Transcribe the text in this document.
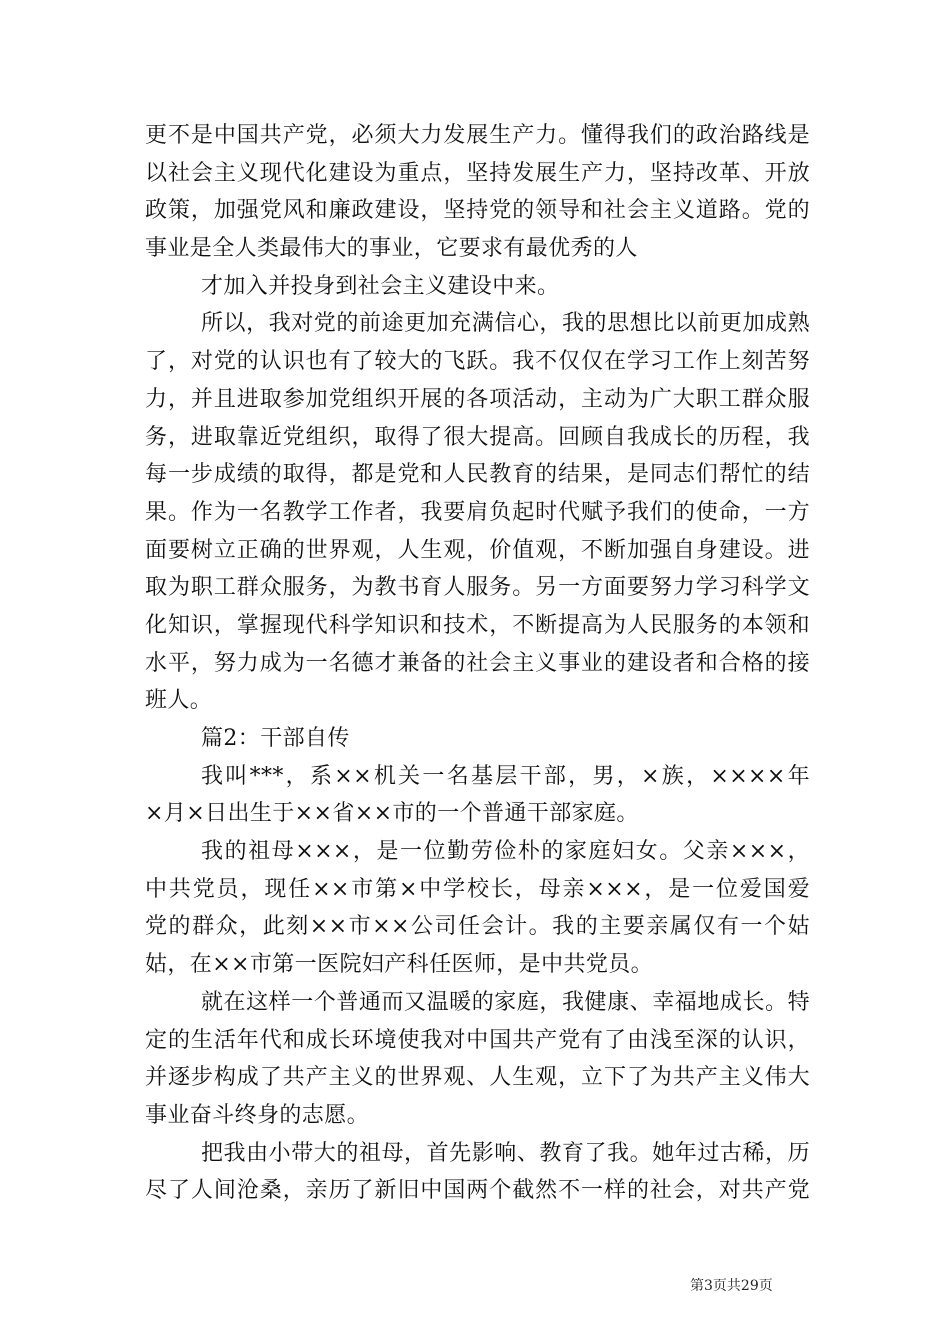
更不是中国共产党，必须大力发展生产力。懂得我们的政治路线是
以社会主义现代化建设为重点，坚持发展生产力，坚持改革、开放
政策，加强党风和廉政建设，坚持党的领导和社会主义道路。党的
事业是全人类最伟大的事业，它要求有最优秀的人
才加入并投身到社会主义建设中来。
所以，我对党的前途更加充满信心，我的思想比以前更加成熟
了，对党的认识也有了较大的飞跃。我不仅仅在学习工作上刻苦努
力，并且进取参加党组织开展的各项活动，主动为广大职工群众服
务，进取靠近党组织，取得了很大提高。回顾自我成长的历程，我
每一步成绩的取得，都是党和人民教育的结果，是同志们帮忙的结
果。作为一名教学工作者，我要肩负起时代赋予我们的使命，一方
面要树立正确的世界观，人生观，价值观，不断加强自身建设。进
取为职工群众服务，为教书育人服务。另一方面要努力学习科学文
化知识，掌握现代科学知识和技术，不断提高为人民服务的本领和
水平，努力成为一名德才兼备的社会主义事业的建设者和合格的接
班人。
篇2：干部自传
我叫***，系××机关一名基层干部，男，×族，××××年
×月×日出生于××省××市的一个普通干部家庭。
我的祖母×××，是一位勤劳俭朴的家庭妇女。父亲×××，
中共党员，现任××市第×中学校长，母亲×××，是一位爱国爱
党的群众，此刻××市××公司任会计。我的主要亲属仅有一个姑
姑，在××市第一医院妇产科任医师，是中共党员。
就在这样一个普通而又温暖的家庭，我健康、幸福地成长。特
定的生活年代和成长环境使我对中国共产党有了由浅至深的认识，
并逐步构成了共产主义的世界观、人生观，立下了为共产主义伟大
事业奋斗终身的志愿。
把我由小带大的祖母，首先影响、教育了我。她年过古稀，历
尽了人间沧桑，亲历了新旧中国两个截然不一样的社会，对共产党
第3页共29页
